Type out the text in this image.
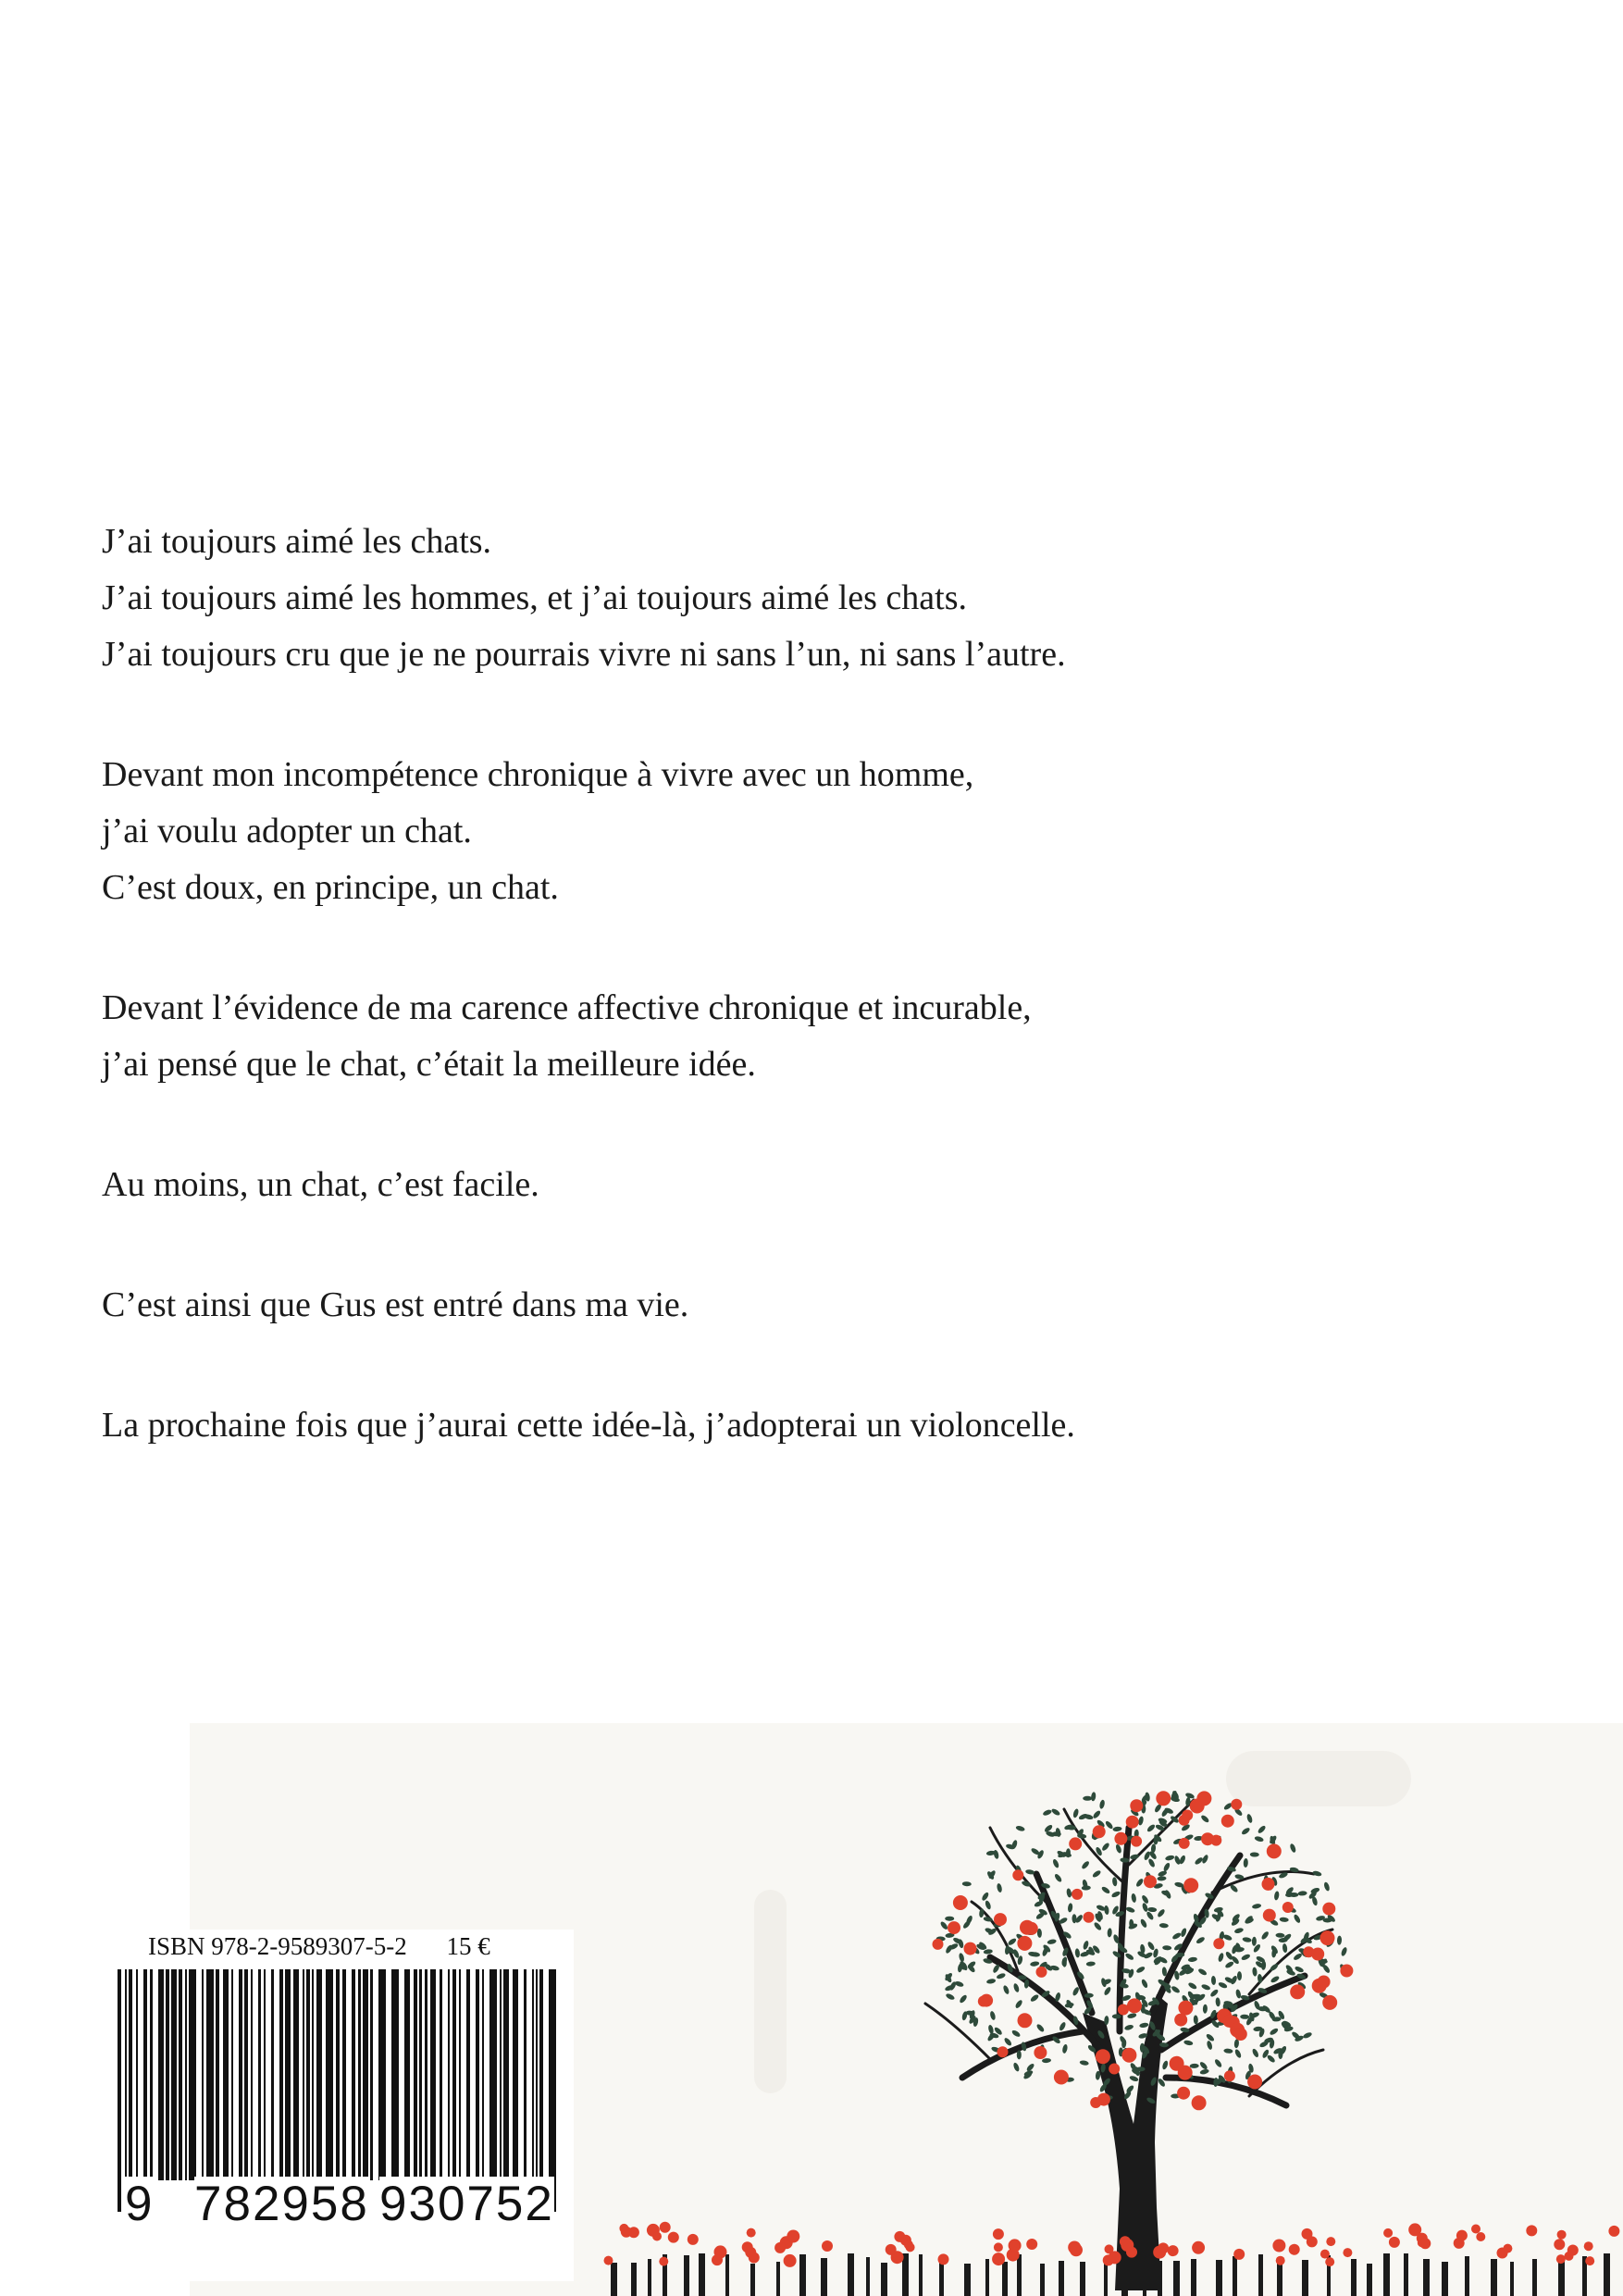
J’ai toujours aimé les chats.
J’ai toujours aimé les hommes, et j’ai toujours aimé les chats.
J’ai toujours cru que je ne pourrais vivre ni sans l’un, ni sans l’autre.

Devant mon incompétence chronique à vivre avec un homme,
j’ai voulu adopter un chat.
C’est doux, en principe, un chat.

Devant l’évidence de ma carence affective chronique et incurable,
j’ai pensé que le chat, c’était la meilleure idée.

Au moins, un chat, c’est facile.

C’est ainsi que Gus est entré dans ma vie.

La prochaine fois que j’aurai cette idée-là, j’adopterai un violoncelle.

ISBN 978-2-9589307-5-2 15 €
9 782958 930752
